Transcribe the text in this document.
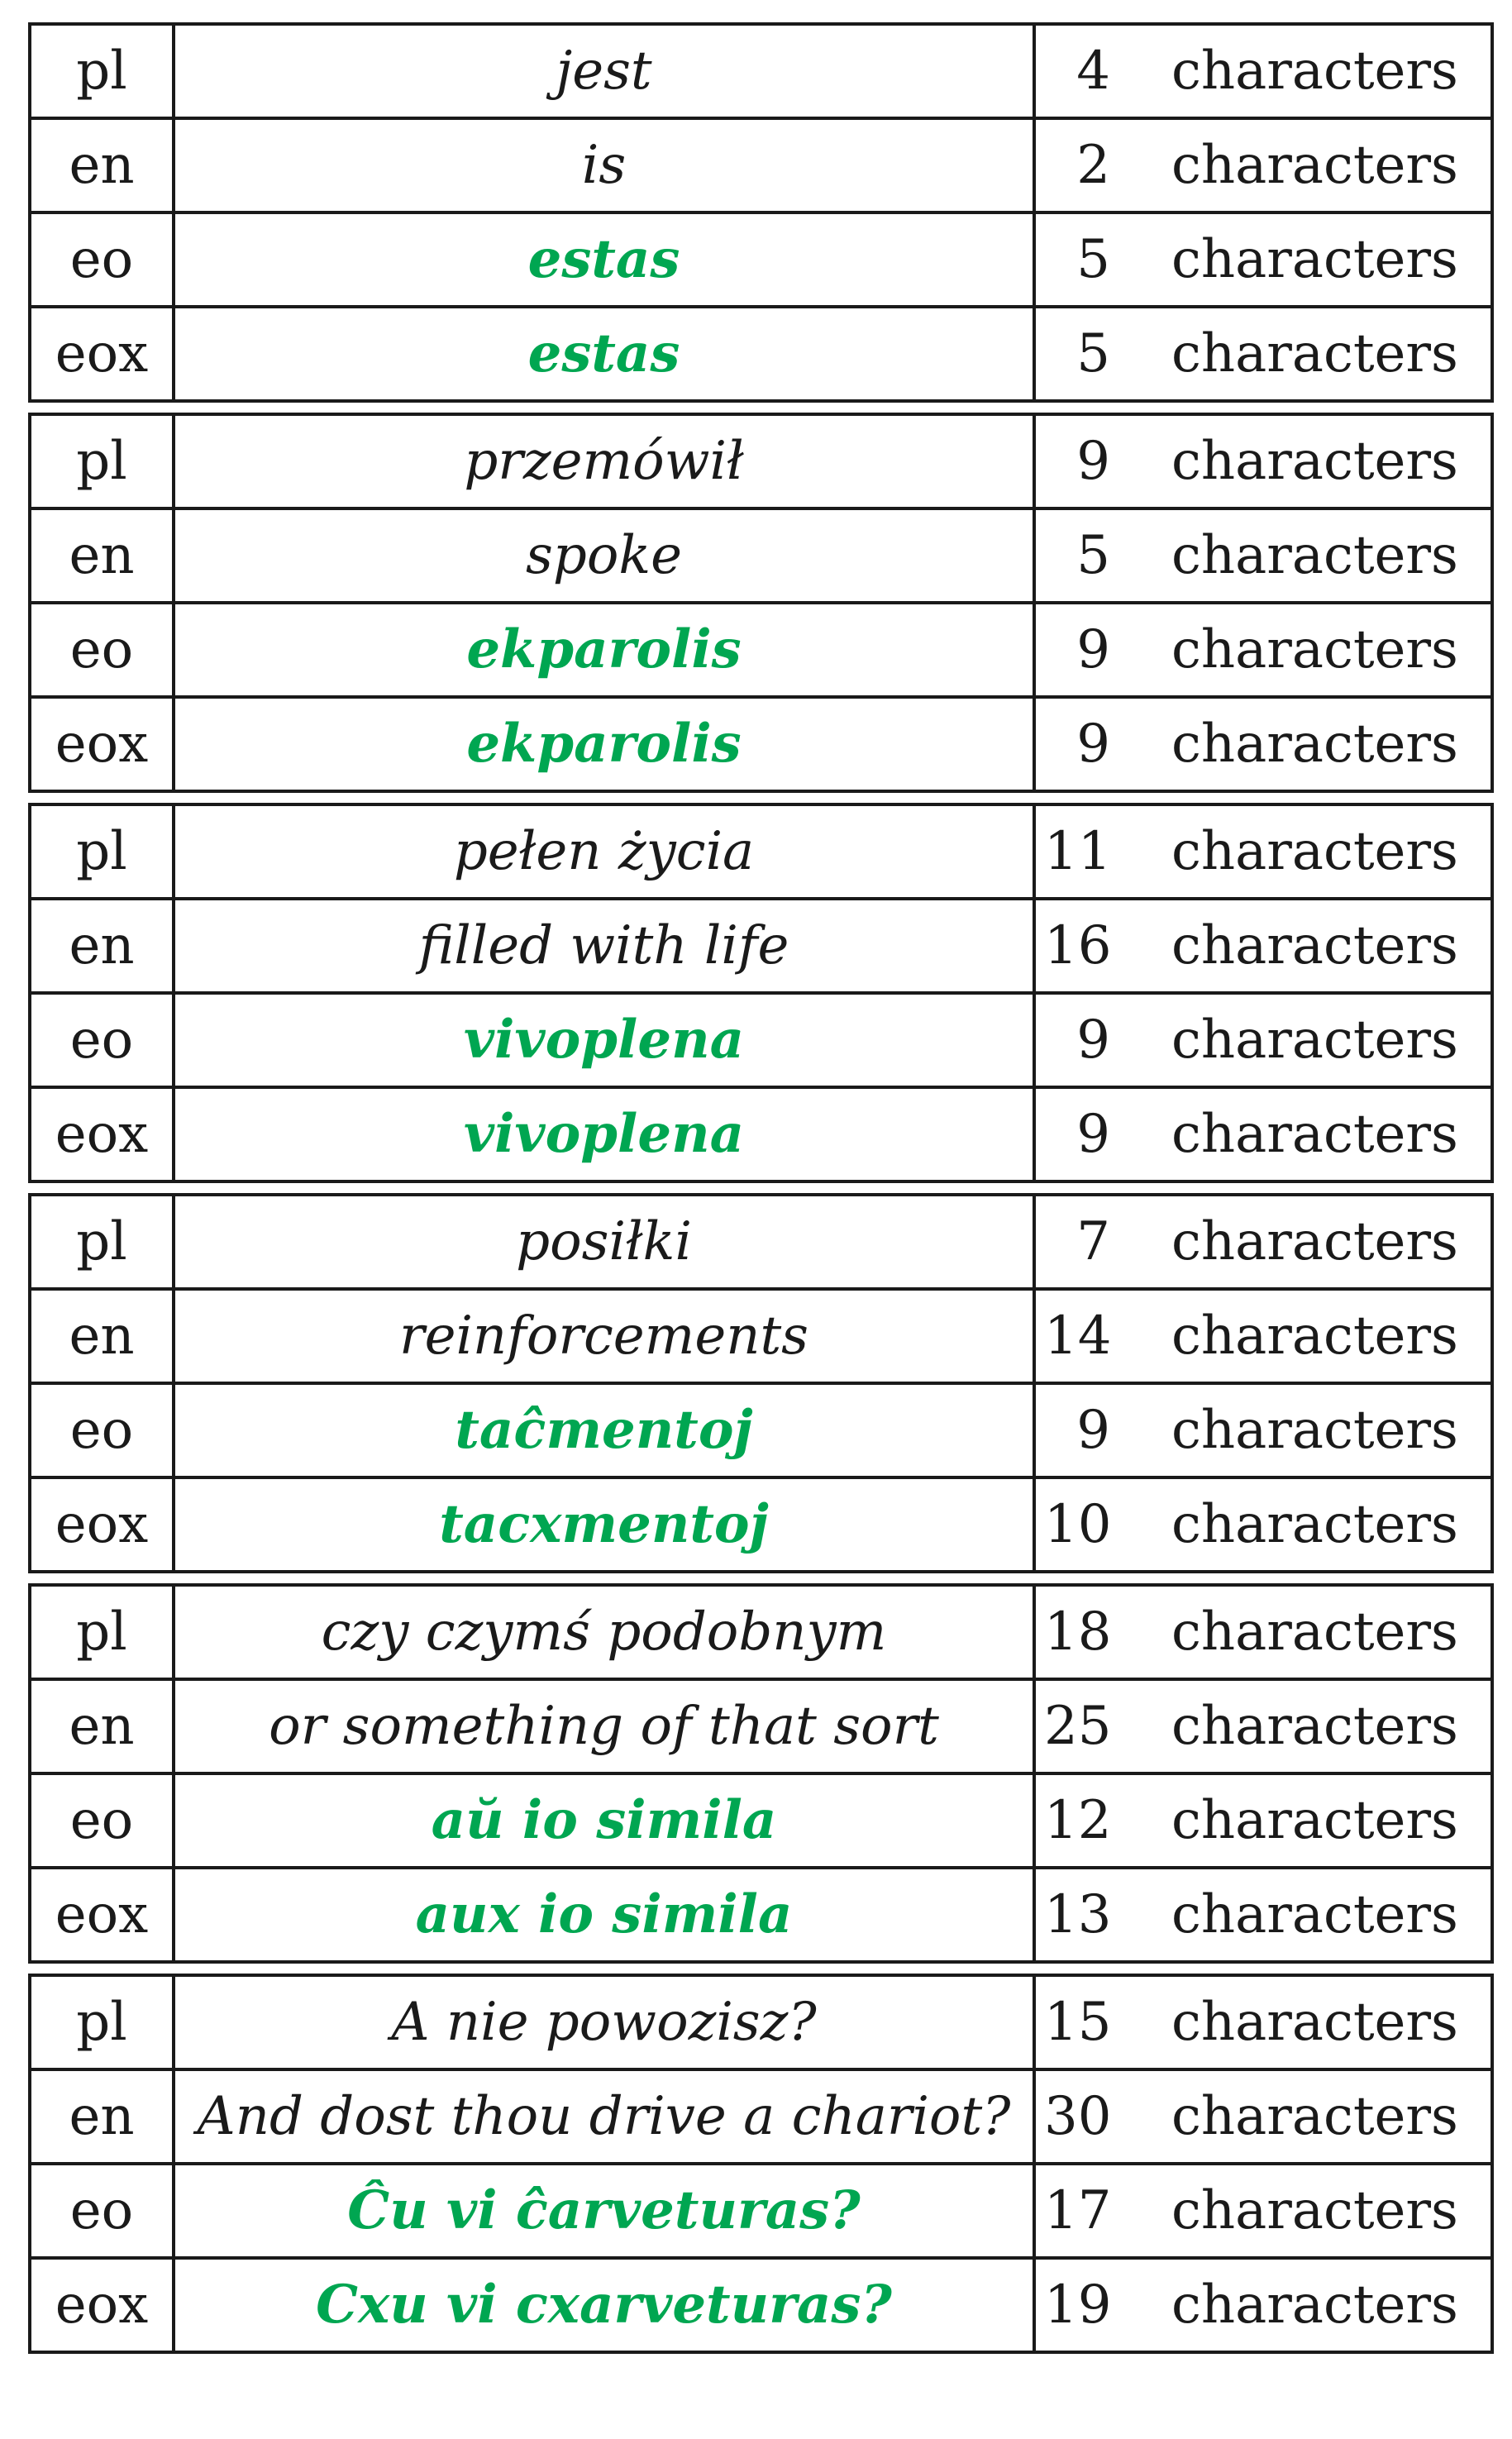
pl	jest	4 characters
en	is	2 characters
eo	estas	5 characters
eox	estas	5 characters
pl	przemówił	9 characters
en	spoke	5 characters
eo	ekparolis	9 characters
eox	ekparolis	9 characters
pl	pełen życia	11 characters
en	filled with life	16 characters
eo	vivoplena	9 characters
eox	vivoplena	9 characters
pl	posiłki	7 characters
en	reinforcements	14 characters
eo	taĉmentoj	9 characters
eox	tacxmentoj	10 characters
pl	czy czymś podobnym	18 characters
en	or something of that sort	25 characters
eo	aŭ io simila	12 characters
eox	aux io simila	13 characters
pl	A nie powozisz?	15 characters
en	And dost thou drive a chariot?	30 characters
eo	Ĉu vi ĉarveturas?	17 characters
eox	Cxu vi cxarveturas?	19 characters
